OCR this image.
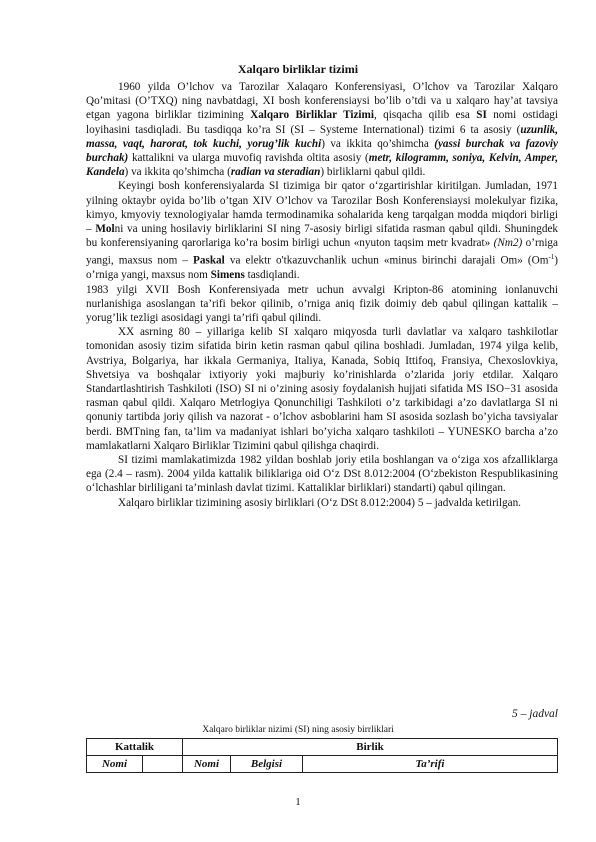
Xalqaro birliklar tizimi

1960 yilda O’lchov va Tarozilar Xalaqaro Konferensiyasi, O’lchov va Tarozilar Xalqaro Qo’mitasi (O’TXQ) ning navbatdagi, XI bosh konferensiaysi bo’lib o’tdi va u xalqaro hay’at tavsiya etgan yagona birliklar tizimining Xalqaro Birliklar Tizimi, qisqacha qilib esa SI nomi ostidagi loyihasini tasdiqladi. Bu tasdiqqa ko’ra SI (SI – Systeme International) tizimi 6 ta asosiy (uzunlik, massa, vaqt, harorat, tok kuchi, yorug’lik kuchi) va ikkita qo’shimcha (yassi burchak va fazoviy burchak) kattalikni va ularga muvofiq ravishda oltita asosiy (metr, kilogramm, soniya, Kelvin, Amper, Kandela) va ikkita qo’shimcha (radian va steradian) birliklarni qabul qildi.

Keyingi bosh konferensiyalarda SI tizimiga bir qator o‘zgartirishlar kiritilgan. Jumladan, 1971 yilning oktaybr oyida bo’lib o’tgan XIV O’lchov va Tarozilar Bosh Konferensiaysi molekulyar fizika, kimyo, kmyoviy texnologiyalar hamda termodinamika sohalarida keng tarqalgan modda miqdori birligi – Molni va uning hosilaviy birliklarini SI ning 7-asosiy birligi sifatida rasman qabul qildi. Shuningdek bu konferensiyaning qarorlariga ko’ra bosim birligi uchun «nyuton taqsim metr kvadrat» (Nm2) o’rniga yangi, maxsus nom – Paskal va elektr o'tkazuvchanlik uchun «minus birinchi darajali Om» $(Om^{-1})$ o’rniga yangi, maxsus nom Simens tasdiqlandi.

1983 yilgi XVII Bosh Konferensiyada metr uchun avvalgi Kripton-86 atomining ionlanuvchi nurlanishiga asoslangan ta’rifi bekor qilinib, o’rniga aniq fizik doimiy deb qabul qilingan kattalik – yorug’lik tezligi asosidagi yangi ta’rifi qabul qilindi.

XX asrning 80 – yillariga kelib SI xalqaro miqyosda turli davlatlar va xalqaro tashkilotlar tomonidan asosiy tizim sifatida birin ketin rasman qabul qilina boshladi. Jumladan, 1974 yilga kelib, Avstriya, Bolgariya, har ikkala Germaniya, Italiya, Kanada, Sobiq Ittifoq, Fransiya, Chexoslovkiya, Shvetsiya va boshqalar ixtiyoriy yoki majburiy ko’rinishlarda o’zlarida joriy etdilar. Xalqaro Standartlashtirish Tashkiloti (ISO) SI ni o’zining asosiy foydalanish hujjati sifatida MS ISO−31 asosida rasman qabul qildi. Xalqaro Metrlogiya Qonunchiligi Tashkiloti o’z tarkibidagi a’zo davlatlarga SI ni qonuniy tartibda joriy qilish va nazorat - o’lchov asboblarini ham SI asosida sozlash bo’yicha tavsiyalar berdi. BMTning fan, ta’lim va madaniyat ishlari bo’yicha xalqaro tashkiloti – YUNESKO barcha a’zo mamlakatlarni Xalqaro Birliklar Tizimini qabul qilishga chaqirdi.

SI tizimi mamlakatimizda 1982 yildan boshlab joriy etila boshlangan va o‘ziga xos afzalliklarga ega (2.4 – rasm). 2004 yilda kattalik biliklariga oid O‘z DSt 8.012:2004 (O‘zbekiston Respublikasining o‘lchashlar birliligani ta’minlash davlat tizimi. Kattaliklar birliklari) standarti) qabul qilingan.

Xalqaro birliklar tizimining asosiy birliklari (O‘z DSt 8.012:2004) 5 – jadvalda ketirilgan.

5 – jadval
Xalqaro birliklar nizimi (SI) ning asosiy birrliklari
Kattalik		Birlik		
Nomi		Nomi	Belgisi	Ta’rifi
1
